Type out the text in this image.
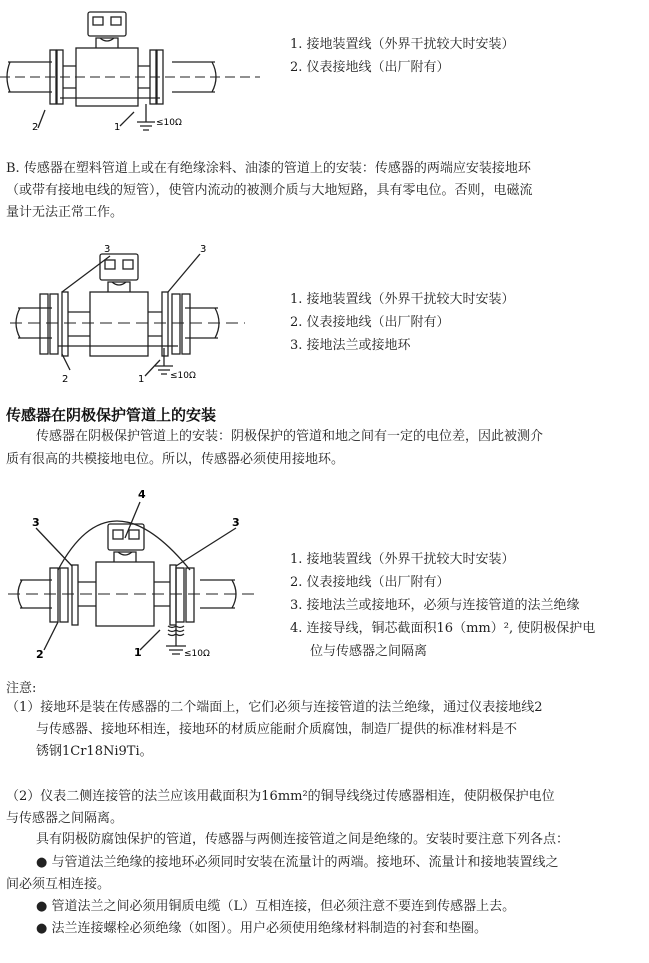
1
2	≤10Ω
1. 接地装置线（外界干扰较大时安装）
2. 仪表接地线（出厂附有）
B. 传感器在塑料管道上或在有绝缘涂料、油漆的管道上的安装：传感器的两端应安装接地环
（或带有接地电线的短管），使管内流动的被测介质与大地短路，具有零电位。否则，电磁流
量计无法正常工作。
3	3
2	1	≤10Ω
1. 接地装置线（外界干扰较大时安装）
2. 仪表接地线（出厂附有）
3. 接地法兰或接地环
传感器在阴极保护管道上的安装
传感器在阴极保护管道上的安装：阴极保护的管道和地之间有一定的电位差，因此被测介
质有很高的共模接地电位。所以，传感器必须使用接地环。
4
3	3
2	1	≤10Ω
1. 接地装置线（外界干扰较大时安装）
2. 仪表接地线（出厂附有）
3. 接地法兰或接地环，必须与连接管道的法兰绝缘
4. 连接导线，铜芯截面积16（mm）², 使阴极保护电
位与传感器之间隔离
注意:
（1）接地环是装在传感器的二个端面上，它们必须与连接管道的法兰绝缘，通过仪表接地线2
与传感器、接地环相连，接地环的材质应能耐介质腐蚀，制造厂提供的标准材料是不
锈钢1Cr18Ni9Ti。
（2）仪表二侧连接管的法兰应该用截面积为16mm²的铜导线绕过传感器相连，使阴极保护电位
与传感器之间隔离。
具有阴极防腐蚀保护的管道，传感器与两侧连接管道之间是绝缘的。安装时要注意下列各点：
● 与管道法兰绝缘的接地环必须同时安装在流量计的两端。接地环、流量计和接地装置线之
间必须互相连接。
● 管道法兰之间必须用铜质电缆（L）互相连接，但必须注意不要连到传感器上去。
● 法兰连接螺栓必须绝缘（如图）。用户必须使用绝缘材料制造的衬套和垫圈。
